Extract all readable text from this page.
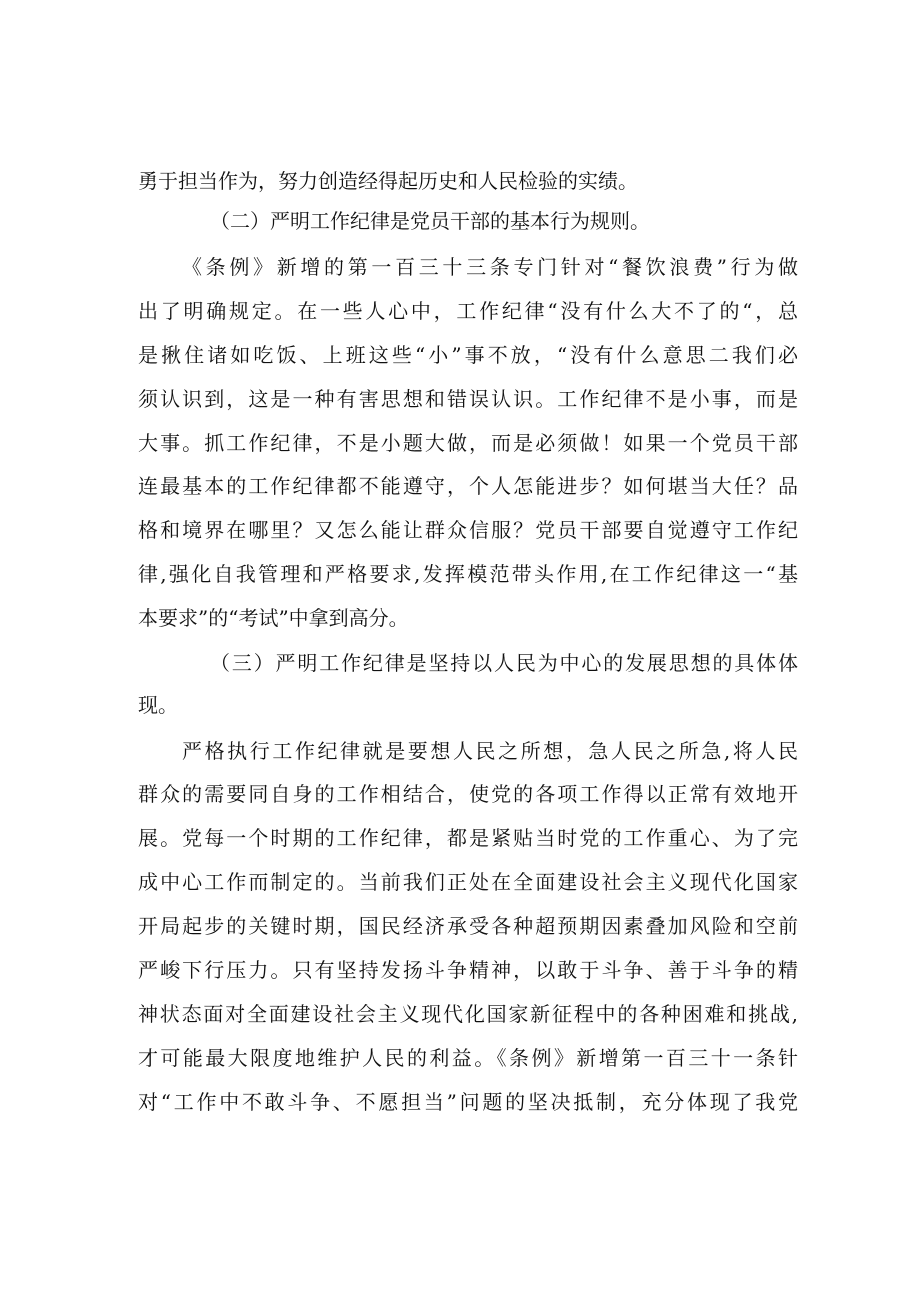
勇于担当作为，努力创造经得起历史和人民检验的实绩。
（二）严明工作纪律是党员干部的基本行为规则。
《条例》新增的第一百三十三条专门针对“餐饮浪费”行为做
出了明确规定。在一些人心中，工作纪律“没有什么大不了的“，总
是揪住诸如吃饭、上班这些“小”事不放，“没有什么意思二我们必
须认识到，这是一种有害思想和错误认识。工作纪律不是小事，而是
大事。抓工作纪律，不是小题大做，而是必须做！如果一个党员干部
连最基本的工作纪律都不能遵守，个人怎能进步？如何堪当大任？品
格和境界在哪里？又怎么能让群众信服？党员干部要自觉遵守工作纪
律,强化自我管理和严格要求,发挥模范带头作用,在工作纪律这一“基
本要求”的“考试”中拿到高分。
（三）严明工作纪律是坚持以人民为中心的发展思想的具体体
现。
严格执行工作纪律就是要想人民之所想，急人民之所急,将人民
群众的需要同自身的工作相结合，使党的各项工作得以正常有效地开
展。党每一个时期的工作纪律，都是紧贴当时党的工作重心、为了完
成中心工作而制定的。当前我们正处在全面建设社会主义现代化国家
开局起步的关键时期，国民经济承受各种超预期因素叠加风险和空前
严峻下行压力。只有坚持发扬斗争精神，以敢于斗争、善于斗争的精
神状态面对全面建设社会主义现代化国家新征程中的各种困难和挑战,
才可能最大限度地维护人民的利益。《条例》新增第一百三十一条针
对“工作中不敢斗争、不愿担当”问题的坚决抵制，充分体现了我党
